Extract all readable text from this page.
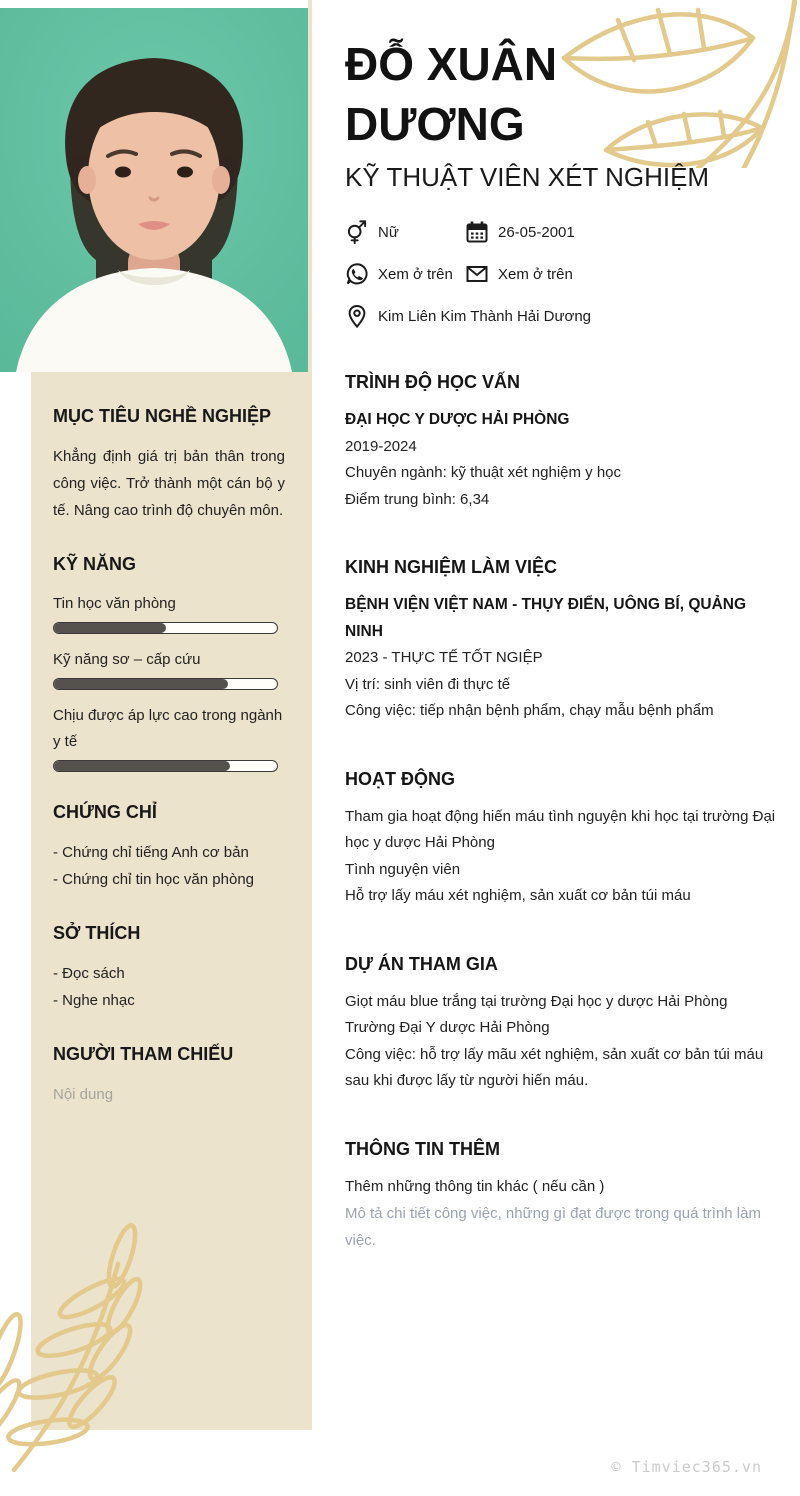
ĐỖ XUÂN DƯƠNG
KỸ THUẬT VIÊN XÉT NGHIỆM
Nữ	26-05-2001
Xem ở trên	Xem ở trên
Kim Liên Kim Thành Hải Dương
TRÌNH ĐỘ HỌC VẤN
ĐẠI HỌC Y DƯỢC HẢI PHÒNG
2019-2024
Chuyên ngành: kỹ thuật xét nghiệm y học
Điểm trung bình: 6,34
KINH NGHIỆM LÀM VIỆC
BỆNH VIỆN VIỆT NAM - THỤY ĐIỂN, UÔNG BÍ, QUẢNG NINH
2023 - THỰC TẾ TỐT NGIỆP
Vị trí: sinh viên đi thực tế
Công việc: tiếp nhận bệnh phẩm, chạy mẫu bệnh phẩm
HOẠT ĐỘNG
Tham gia hoạt động hiến máu tình nguyện khi học tại trường Đại học y dược Hải Phòng
Tình nguyện viên
Hỗ trợ lấy máu xét nghiệm, sản xuất cơ bản túi máu
DỰ ÁN THAM GIA
Giọt máu blue trắng tại trường Đại học y dược Hải Phòng
Trường Đại Y dược Hải Phòng
Công việc: hỗ trợ lấy mãu xét nghiệm, sản xuất cơ bản túi máu sau khi được lấy từ người hiến máu.
THÔNG TIN THÊM
Thêm những thông tin khác ( nếu cần )
Mô tả chi tiết công việc, những gì đạt được trong quá trình làm việc.
MỤC TIÊU NGHỀ NGHIỆP

Khẳng định giá trị bản thân trong công việc. Trở thành một cán bộ y tế. Nâng cao trình độ chuyên môn.

KỸ NĂNG
Tin học văn phòng
Kỹ năng sơ – cấp cứu
Chịu được áp lực cao trong ngành y tế
CHỨNG CHỈ
- Chứng chỉ tiếng Anh cơ bản
- Chứng chỉ tin học văn phòng
SỞ THÍCH
- Đọc sách
- Nghe nhạc
NGƯỜI THAM CHIẾU
Nội dung
© Timviec365.vn
